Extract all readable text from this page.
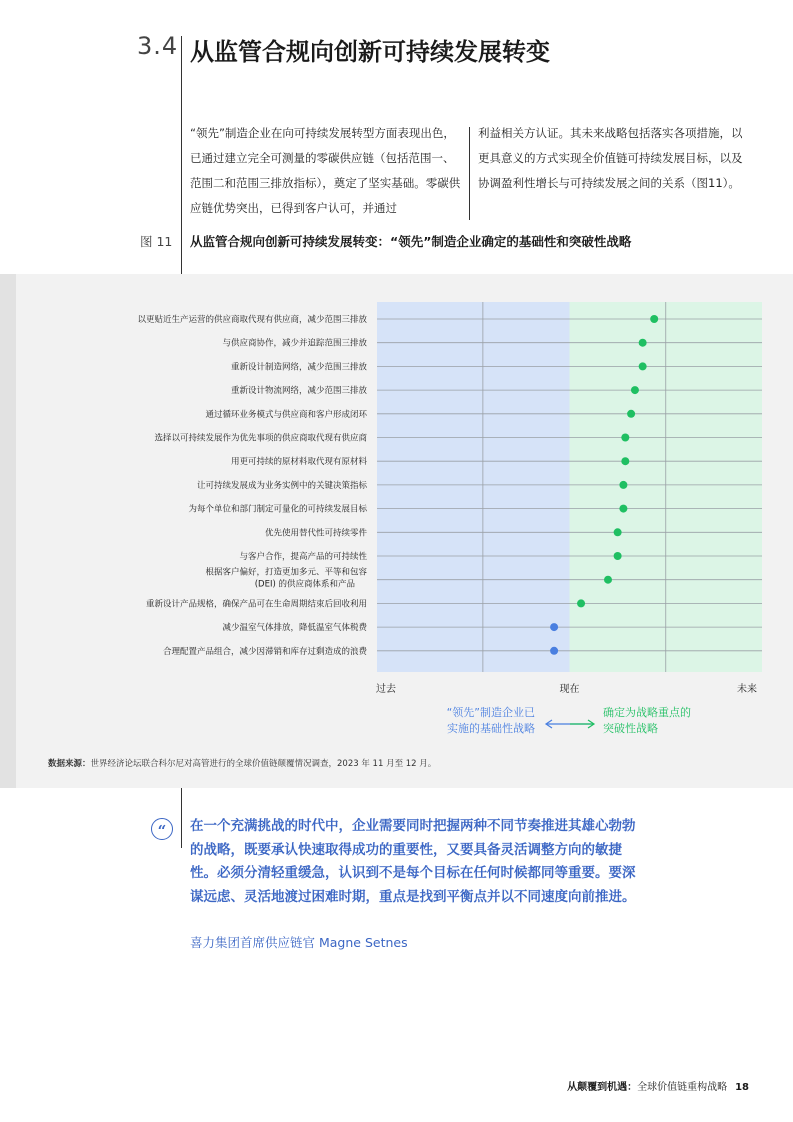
3.4 从监管合规向创新可持续发展转变
“领先”制造企业在向可持续发展转型方面表现出色，已通过建立完全可测量的零碳供应链（包括范围一、范围二和范围三排放指标），奠定了坚实基础。零碳供应链优势突出，已得到客户认可，并通过
利益相关方认证。其未来战略包括落实各项措施，以更具意义的方式实现全价值链可持续发展目标，以及协调盈利性增长与可持续发展之间的关系（图11）。
图 11 从监管合规向创新可持续发展转变：“领先”制造企业确定的基础性和突破性战略
以更贴近生产运营的供应商取代现有供应商，减少范围三排放
与供应商协作，减少并追踪范围三排放
重新设计制造网络，减少范围三排放
重新设计物流网络，减少范围三排放
通过循环业务模式与供应商和客户形成闭环
选择以可持续发展作为优先事项的供应商取代现有供应商
用更可持续的原材料取代现有原材料
让可持续发展成为业务实例中的关键决策指标
为每个单位和部门制定可量化的可持续发展目标
优先使用替代性可持续零件
与客户合作，提高产品的可持续性
根据客户偏好，打造更加多元、平等和包容(DEI) 的供应商体系和产品
重新设计产品规格，确保产品可在生命周期结束后回收利用
减少温室气体排放，降低温室气体税费
合理配置产品组合，减少因滞销和库存过剩造成的浪费
过去	现在	未来
“领先”制造企业已
实施的基础性战略
确定为战略重点的
突破性战略
数据来源：世界经济论坛联合科尔尼对高管进行的全球价值链颠覆情况调查，2023 年 11 月至 12 月。
“	在一个充满挑战的时代中，企业需要同时把握两种不同节奏推进其雄心勃勃的战略，既要承认快速取得成功的重要性，又要具备灵活调整方向的敏捷性。必须分清轻重缓急，认识到不是每个目标在任何时候都同等重要。要深谋远虑、灵活地渡过困难时期，重点是找到平衡点并以不同速度向前推进。
喜力集团首席供应链官 Magne Setnes
从颠覆到机遇：全球价值链重构战略 18
